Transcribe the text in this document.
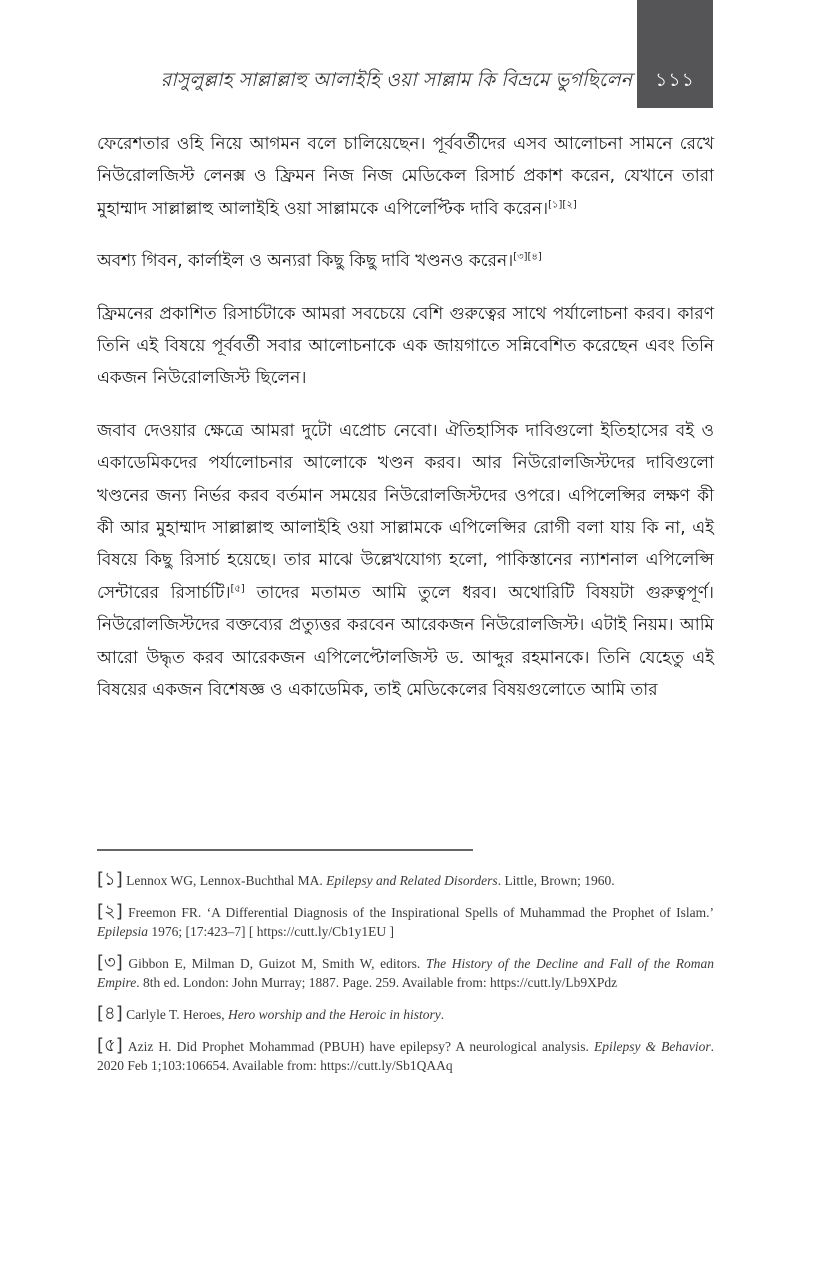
১১১
রাসুলুল্লাহ সাল্লাল্লাহু আলাইহি ওয়া সাল্লাম কি বিভ্রমে ভুগছিলেন

ফেরেশতার ওহি নিয়ে আগমন বলে চালিয়েছেন। পূর্ববর্তীদের এসব আলোচনা সামনে রেখে নিউরোলজিস্ট লেনক্স ও ফ্রিমন নিজ নিজ মেডিকেল রিসার্চ প্রকাশ করেন, যেখানে তারা মুহাম্মাদ সাল্লাল্লাহু আলাইহি ওয়া সাল্লামকে এপিলেপ্টিক দাবি করেন।[১][২]

অবশ্য গিবন, কার্লাইল ও অন্যরা কিছু কিছু দাবি খণ্ডনও করেন।[৩][৪]

ফ্রিমনের প্রকাশিত রিসার্চটাকে আমরা সবচেয়ে বেশি গুরুত্বের সাথে পর্যালোচনা করব। কারণ তিনি এই বিষয়ে পূর্ববর্তী সবার আলোচনাকে এক জায়গাতে সন্নিবেশিত করেছেন এবং তিনি একজন নিউরোলজিস্ট ছিলেন।

জবাব দেওয়ার ক্ষেত্রে আমরা দুটো এপ্রোচ নেবো। ঐতিহাসিক দাবিগুলো ইতিহাসের বই ও একাডেমিকদের পর্যালোচনার আলোকে খণ্ডন করব। আর নিউরোলজিস্টদের দাবিগুলো খণ্ডনের জন্য নির্ভর করব বর্তমান সময়ের নিউরোলজিস্টদের ওপরে। এপিলেপ্সির লক্ষণ কী কী আর মুহাম্মাদ সাল্লাল্লাহু আলাইহি ওয়া সাল্লামকে এপিলেপ্সির রোগী বলা যায় কি না, এই বিষয়ে কিছু রিসার্চ হয়েছে। তার মাঝে উল্লেখযোগ্য হলো, পাকিস্তানের ন্যাশনাল এপিলেপ্সি সেন্টারের রিসার্চটি।[৫] তাদের মতামত আমি তুলে ধরব। অথোরিটি বিষয়টা গুরুত্বপূর্ণ। নিউরোলজিস্টদের বক্তব্যের প্রত্যুত্তর করবেন আরেকজন নিউরোলজিস্ট। এটাই নিয়ম। আমি আরো উদ্ধৃত করব আরেকজন এপিলেপ্টোলজিস্ট ড. আব্দুর রহমানকে। তিনি যেহেতু এই বিষয়ের একজন বিশেষজ্ঞ ও একাডেমিক, তাই মেডিকেলের বিষয়গুলোতে আমি তার

[১] Lennox WG, Lennox-Buchthal MA. Epilepsy and Related Disorders. Little, Brown; 1960.

[২] Freemon FR. ‘A Differential Diagnosis of the Inspirational Spells of Muhammad the Prophet of Islam.’ Epilepsia 1976; [17:423–7] [ https://cutt.ly/Cb1y1EU ]

[৩] Gibbon E, Milman D, Guizot M, Smith W, editors. The History of the Decline and Fall of the Roman Empire. 8th ed. London: John Murray; 1887. Page. 259. Available from: https://cutt.ly/Lb9XPdz

[৪] Carlyle T. Heroes, Hero worship and the Heroic in history.

[৫] Aziz H. Did Prophet Mohammad (PBUH) have epilepsy? A neurological analysis. Epilepsy & Behavior. 2020 Feb 1;103:106654. Available from: https://cutt.ly/Sb1QAAq
